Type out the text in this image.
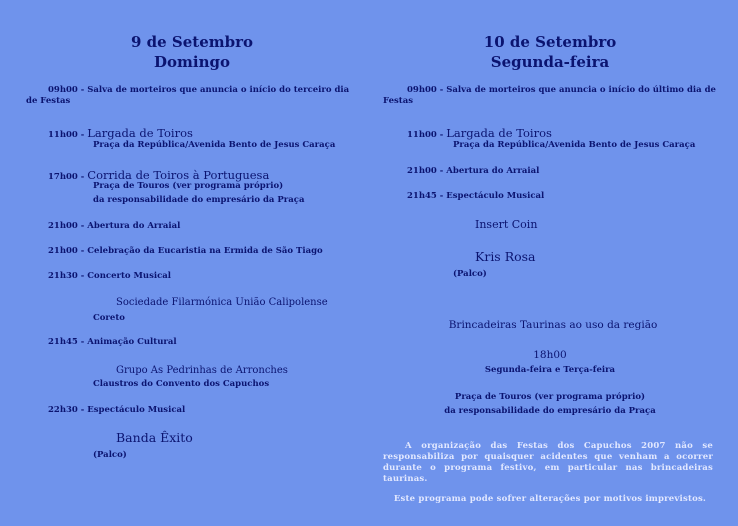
9 de Setembro
Domingo
09h00 - Salva de morteiros que anuncia o início do terceiro dia de Festas
11h00 - Largada de Toiros
Praça da República/Avenida Bento de Jesus Caraça
17h00 - Corrida de Toiros à Portuguesa
Praça de Touros (ver programa próprio)
da responsabilidade do empresário da Praça
21h00 - Abertura do Arraial
21h00 - Celebração da Eucaristia na Ermida de São Tiago
21h30 - Concerto Musical
Sociedade Filarmónica União Calipolense
Coreto
21h45 - Animação Cultural
Grupo As Pedrinhas de Arronches
Claustros do Convento dos Capuchos
22h30 - Espectáculo Musical
Banda Êxito
(Palco)
10 de Setembro
Segunda-feira
09h00 - Salva de morteiros que anuncia o início do último dia de Festas
11h00 - Largada de Toiros
Praça da República/Avenida Bento de Jesus Caraça
21h00 - Abertura do Arraial
21h45 - Espectáculo Musical
Insert Coin
Kris Rosa
(Palco)
Brincadeiras Taurinas ao uso da região
18h00
Segunda-feira e Terça-feira
Praça de Touros (ver programa próprio)
da responsabilidade do empresário da Praça
A organização das Festas dos Capuchos 2007 não se responsabiliza por quaisquer acidentes que venham a ocorrer durante o programa festivo, em particular nas brincadeiras taurinas.
Este programa pode sofrer alterações por motivos imprevistos.
